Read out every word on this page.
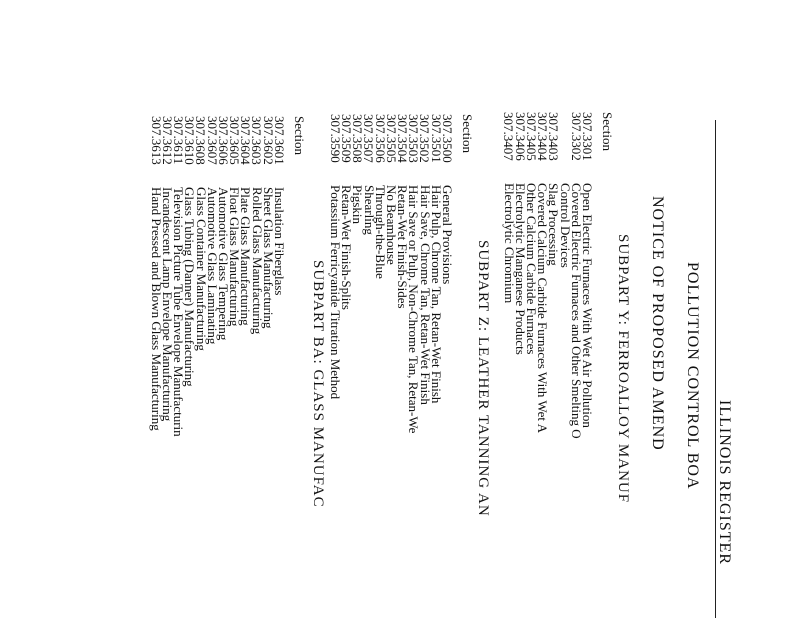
ILLINOIS REGISTER
POLLUTION CONTROL BOA
NOTICE OF PROPOSED AMEND
SUBPART Y: FERROALLOY MANUF
Section
307.3301
307.3302
307.3403
307.3404
307.3405
307.3406
307.3407
Open Electric Furnaces With Wet Air Pollution
Covered Electric Furnaces and Other Smelting O
Control Devices
Slag Processing
Covered Calcium Carbide Furnaces With Wet A
Other Calcium Carbide Furnaces
Electrolytic Manganese Products
Electrolytic Chromium
SUBPART Z: LEATHER TANNING AN
Section
307.3500
307.3501
307.3502
307.3503
307.3504
307.3505
307.3506
307.3507
307.3508
307.3509
307.3590
General Provisions
Hair Pulp, Chrome Tan, Retan-Wet Finish
Hair Save, Chrome Tan, Retan-Wet Finish
Hair Save or Pulp, Non-Chrome Tan, Retan-We
Retan-Wet Finish-Sides
No Beamhouse
Through-the-Blue
Shearling
Pigskin
Retan-Wet Finish-Splits
Potassium Ferricyanide Titration Method
SUBPART BA: GLASS MANUFAC
Section
307.3601
307.3602
307.3603
307.3604
307.3605
307.3606
307.3607
307.3608
307.3610
307.3611
307.3612
307.3613
Insulation Fiberglass
Sheet Glass Manufacturing
Rolled Glass Manufacturing
Plate Glass Manufacturing
Float Glass Manufacturing
Automotive Glass Tempering
Automotive Glass Laminating
Glass Container Manufacturing
Glass Tubing (Danner) Manufacturing
Television Picture Tube Envelope Manufacturin
Incandescent Lamp Envelope Manufacturing
Hand Pressed and Blown Glass Manufacturing
